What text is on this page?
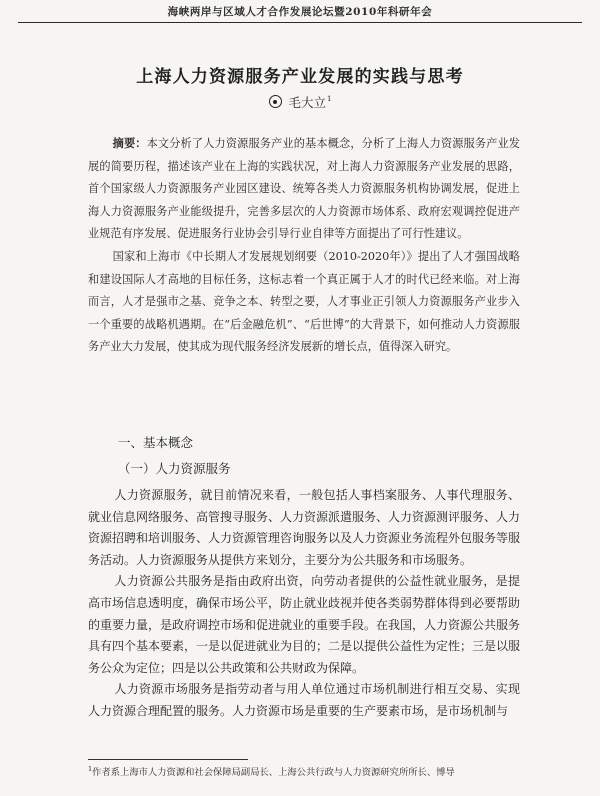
海峡两岸与区域人才合作发展论坛暨2010年科研年会
上海人力资源服务产业发展的实践与思考
毛大立$^1$

摘要：本文分析了人力资源服务产业的基本概念，分析了上海人力资源服务产业发展的简要历程，描述该产业在上海的实践状况，对上海人力资源服务产业发展的思路，首个国家级人力资源服务产业园区建设、统筹各类人力资源服务机构协调发展，促进上海人力资源服务产业能级提升，完善多层次的人力资源市场体系、政府宏观调控促进产业规范有序发展、促进服务行业协会引导行业自律等方面提出了可行性建议。

国家和上海市《中长期人才发展规划纲要（2010-2020年）》提出了人才强国战略和建设国际人才高地的目标任务，这标志着一个真正属于人才的时代已经来临。对上海而言，人才是强市之基、竞争之本、转型之要，人才事业正引领人力资源服务产业步入一个重要的战略机遇期。在“后金融危机”、“后世博”的大背景下，如何推动人力资源服务产业大力发展，使其成为现代服务经济发展新的增长点，值得深入研究。

一、基本概念
（一）人力资源服务

人力资源服务，就目前情况来看，一般包括人事档案服务、人事代理服务、就业信息网络服务、高管搜寻服务、人力资源派遣服务、人力资源测评服务、人力资源招聘和培训服务、人力资源管理咨询服务以及人力资源业务流程外包服务等服务活动。人力资源服务从提供方来划分，主要分为公共服务和市场服务。

人力资源公共服务是指由政府出资，向劳动者提供的公益性就业服务，是提高市场信息透明度，确保市场公平，防止就业歧视并使各类弱势群体得到必要帮助的重要力量，是政府调控市场和促进就业的重要手段。在我国，人力资源公共服务具有四个基本要素，一是以促进就业为目的；二是以提供公益性为定性；三是以服务公众为定位；四是以公共政策和公共财政为保障。

人力资源市场服务是指劳动者与用人单位通过市场机制进行相互交易、实现人力资源合理配置的服务。人力资源市场是重要的生产要素市场，是市场机制与

$^1$作者系上海市人力资源和社会保障局副局长、上海公共行政与人力资源研究所所长、博导
